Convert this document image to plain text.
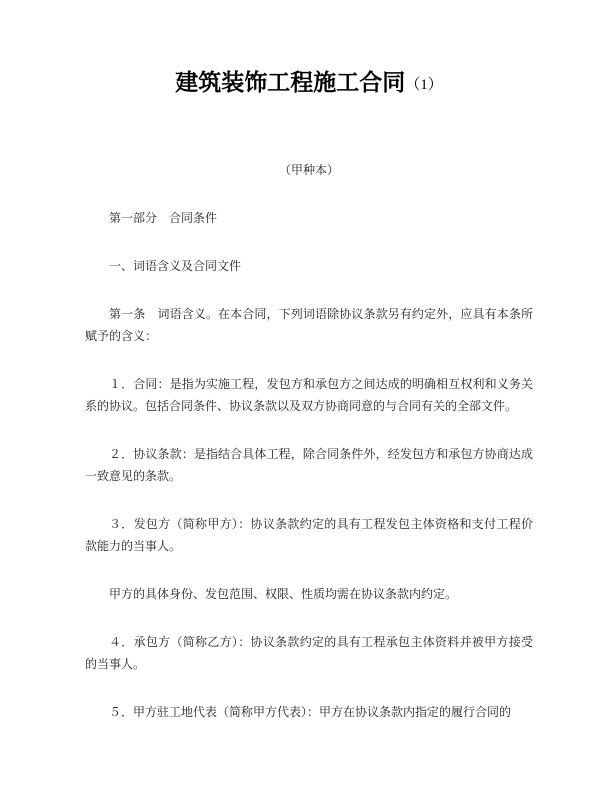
建筑装饰工程施工合同（1）

（甲种本）

第一部分　合同条件

一、词语含义及合同文件

第一条　词语含义。在本合同，下列词语除协议条款另有约定外，应具有本条所赋予的含义：

１．合同：是指为实施工程，发包方和承包方之间达成的明确相互权利和义务关系的协议。包括合同条件、协议条款以及双方协商同意的与合同有关的全部文件。

２．协议条款：是指结合具体工程，除合同条件外，经发包方和承包方协商达成一致意见的条款。

３．发包方（简称甲方）：协议条款约定的具有工程发包主体资格和支付工程价款能力的当事人。

甲方的具体身份、发包范围、权限、性质均需在协议条款内约定。

４．承包方（简称乙方）：协议条款约定的具有工程承包主体资料并被甲方接受的当事人。

５．甲方驻工地代表（简称甲方代表）：甲方在协议条款内指定的履行合同的
